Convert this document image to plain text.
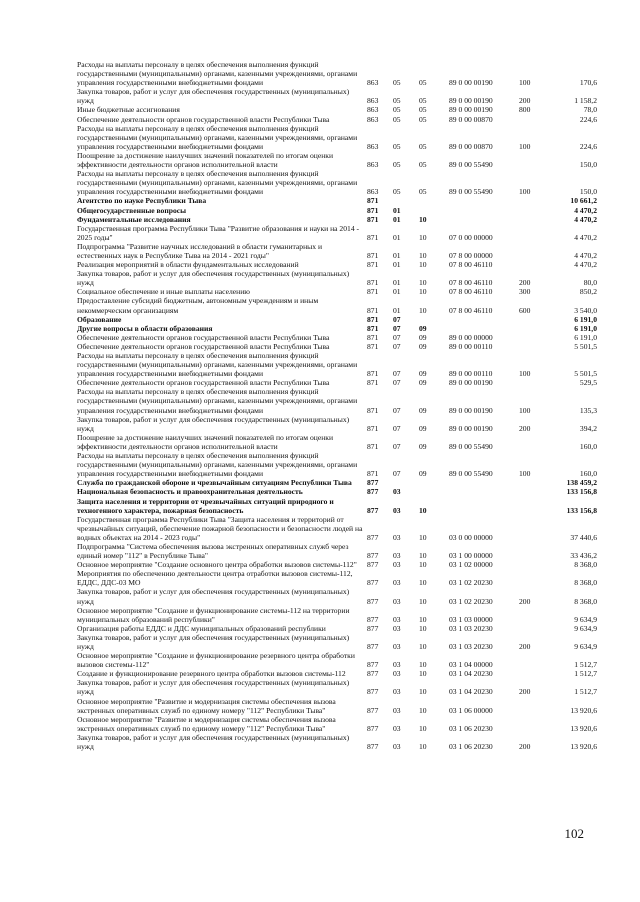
Расходы на выплаты персоналу в целях обеспечения выполнения функций государственными (муниципальными) органами, казенными учреждениями, органами управления государственными внебюджетными фондами	863	05	05	89 0 00 00190	100	170,6
Закупка товаров, работ и услуг для обеспечения государственных (муниципальных) нужд	863	05	05	89 0 00 00190	200	1 158,2
Иные бюджетные ассигнования	863	05	05	89 0 00 00190	800	78,0
Обеспечение деятельности органов государственной власти Республики Тыва	863	05	05	89 0 00 00870		224,6
Расходы на выплаты персоналу в целях обеспечения выполнения функций государственными (муниципальными) органами, казенными учреждениями, органами управления государственными внебюджетными фондами	863	05	05	89 0 00 00870	100	224,6
Поощрение за достижение наилучших значений показателей по итогам оценки эффективности деятельности органов исполнительной власти	863	05	05	89 0 00 55490		150,0
Расходы на выплаты персоналу в целях обеспечения выполнения функций государственными (муниципальными) органами, казенными учреждениями, органами управления государственными внебюджетными фондами	863	05	05	89 0 00 55490	100	150,0
Агентство по науке Республики Тыва	871					10 661,2
Общегосударственные вопросы	871	01				4 470,2
Фундаментальные исследования	871	01	10			4 470,2
Государственная программа Республики Тыва "Развитие образования и науки на 2014 - 2025 годы"	871	01	10	07 0 00 00000		4 470,2
Подпрограмма "Развитие научных исследований в области гуманитарных и естественных наук в Республике Тыва на 2014 - 2021 годы"	871	01	10	07 8 00 00000		4 470,2
Реализация мероприятий в области фундаментальных исследований	871	01	10	07 8 00 46110		4 470,2
Закупка товаров, работ и услуг для обеспечения государственных (муниципальных) нужд	871	01	10	07 8 00 46110	200	80,0
Социальное обеспечение и иные выплаты населению	871	01	10	07 8 00 46110	300	850,2
Предоставление субсидий бюджетным, автономным учреждениям и иным некоммерческим организациям	871	01	10	07 8 00 46110	600	3 540,0
Образование	871	07				6 191,0
Другие вопросы в области образования	871	07	09			6 191,0
Обеспечение деятельности органов государственной власти Республики Тыва	871	07	09	89 0 00 00000		6 191,0
Обеспечение деятельности органов государственной власти Республики Тыва	871	07	09	89 0 00 00110		5 501,5
Расходы на выплаты персоналу в целях обеспечения выполнения функций государственными (муниципальными) органами, казенными учреждениями, органами управления государственными внебюджетными фондами	871	07	09	89 0 00 00110	100	5 501,5
Обеспечение деятельности органов государственной власти Республики Тыва	871	07	09	89 0 00 00190		529,5
Расходы на выплаты персоналу в целях обеспечения выполнения функций государственными (муниципальными) органами, казенными учреждениями, органами управления государственными внебюджетными фондами	871	07	09	89 0 00 00190	100	135,3
Закупка товаров, работ и услуг для обеспечения государственных (муниципальных) нужд	871	07	09	89 0 00 00190	200	394,2
Поощрение за достижение наилучших значений показателей по итогам оценки эффективности деятельности органов исполнительной власти	871	07	09	89 0 00 55490		160,0
Расходы на выплаты персоналу в целях обеспечения выполнения функций государственными (муниципальными) органами, казенными учреждениями, органами управления государственными внебюджетными фондами	871	07	09	89 0 00 55490	100	160,0
Служба по гражданской обороне и чрезвычайным ситуациям Республики Тыва	877					138 459,2
Национальная безопасность и правоохранительная деятельность	877	03				133 156,8
Защита населения и территории от чрезвычайных ситуаций природного и техногенного характера, пожарная безопасность	877	03	10			133 156,8
Государственная программа Республики Тыва "Защита населения и территорий от чрезвычайных ситуаций, обеспечение пожарной безопасности и безопасности людей на водных объектах на 2014 - 2023 годы"	877	03	10	03 0 00 00000		37 440,6
Подпрограмма "Система обеспечения вызова экстренных оперативных служб через единый номер "112" в Республике Тыва"	877	03	10	03 1 00 00000		33 436,2
Основное мероприятие "Создание основного центра обработки вызовов системы-112"	877	03	10	03 1 02 00000		8 368,0
Мероприятия по обеспечению деятельности центра отработки вызовов системы-112, ЕДДС, ДДС-03 МО	877	03	10	03 1 02 20230		8 368,0
Закупка товаров, работ и услуг для обеспечения государственных (муниципальных) нужд	877	03	10	03 1 02 20230	200	8 368,0
Основное мероприятие "Создание и функционирование системы-112 на территории муниципальных образований республики"	877	03	10	03 1 03 00000		9 634,9
Организация работы ЕДДС и ДДС муниципальных образований республики	877	03	10	03 1 03 20230		9 634,9
Закупка товаров, работ и услуг для обеспечения государственных (муниципальных) нужд	877	03	10	03 1 03 20230	200	9 634,9
Основное мероприятие "Создание и функционирование резервного центра обработки вызовов системы-112"	877	03	10	03 1 04 00000		1 512,7
Создание и функционирование резервного центра обработки вызовов системы-112	877	03	10	03 1 04 20230		1 512,7
Закупка товаров, работ и услуг для обеспечения государственных (муниципальных) нужд	877	03	10	03 1 04 20230	200	1 512,7
Основное мероприятие "Развитие и модернизация системы обеспечения вызова экстренных оперативных служб по единому номеру "112" Республики Тыва"	877	03	10	03 1 06 00000		13 920,6
Основное мероприятие "Развитие и модернизация системы обеспечения вызова экстренных оперативных служб по единому номеру "112" Республики Тыва"	877	03	10	03 1 06 20230		13 920,6
Закупка товаров, работ и услуг для обеспечения государственных (муниципальных) нужд	877	03	10	03 1 06 20230	200	13 920,6
102
